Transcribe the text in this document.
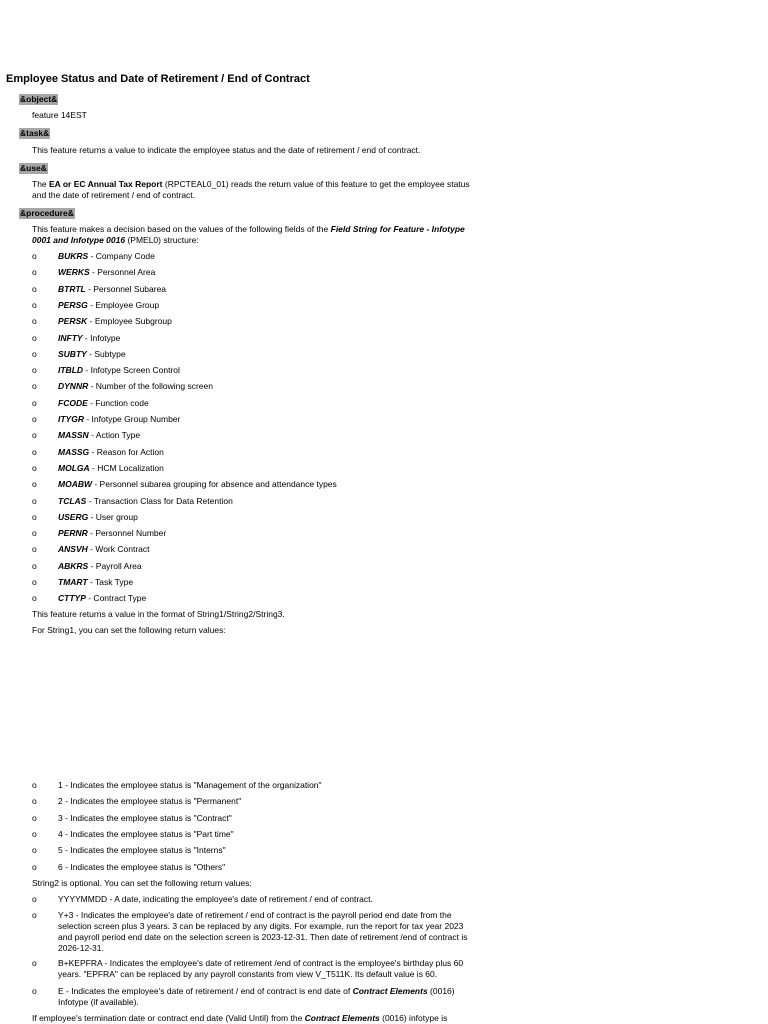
Employee Status and Date of Retirement / End of Contract
&object&
feature 14EST
&task&
This feature returns a value to indicate the employee status and the date of retirement / end of contract.
&use&
The EA or EC Annual Tax Report (RPCTEAL0_01) reads the return value of this feature to get the employee status
and the date of retirement / end of contract.
&procedure&
This feature makes a decision based on the values of the following fields of the Field String for Feature - Infotype
0001 and Infotype 0016 (PMEL0) structure:
o	BUKRS - Company Code
o	WERKS - Personnel Area
o	BTRTL - Personnel Subarea
o	PERSG - Employee Group
o	PERSK - Employee Subgroup
o	INFTY - Infotype
o	SUBTY - Subtype
o	ITBLD - Infotype Screen Control
o	DYNNR - Number of the following screen
o	FCODE - Function code
o	ITYGR - Infotype Group Number
o	MASSN - Action Type
o	MASSG - Reason for Action
o	MOLGA - HCM Localization
o	MOABW - Personnel subarea grouping for absence and attendance types
o	TCLAS - Transaction Class for Data Retention
o	USERG - User group
o	PERNR - Personnel Number
o	ANSVH - Work Contract
o	ABKRS - Payroll Area
o	TMART - Task Type
o	CTTYP - Contract Type
This feature returns a value in the format of String1/String2/String3.
For String1, you can set the following return values:
o	1 - Indicates the employee status is "Management of the organization"
o	2 - Indicates the employee status is "Permanent"
o	3 - Indicates the employee status is "Contract"
o	4 - Indicates the employee status is "Part time"
o	5 - Indicates the employee status is "Interns"
o	6 - Indicates the employee status is "Others"
String2 is optional. You can set the following return values:
o	YYYYMMDD - A date, indicating the employee's date of retirement / end of contract.
o	Y+3 - Indicates the employee's date of retirement / end of contract is the payroll period end date from the
selection screen plus 3 years. 3 can be replaced by any digits. For example, run the report for tax year 2023
and payroll period end date on the selection screen is 2023-12-31. Then date of retirement /end of contract is
2026-12-31.
o	B+KEPFRA - Indicates the employee's date of retirement /end of contract is the employee's birthday plus 60
years. "EPFRA" can be replaced by any payroll constants from view V_T511K. Its default value is 60.
o	E - Indicates the employee's date of retirement / end of contract is end date of Contract Elements (0016)
Infotype (if available).
If employee's termination date or contract end date (Valid Until) from the Contract Elements (0016) infotype is
